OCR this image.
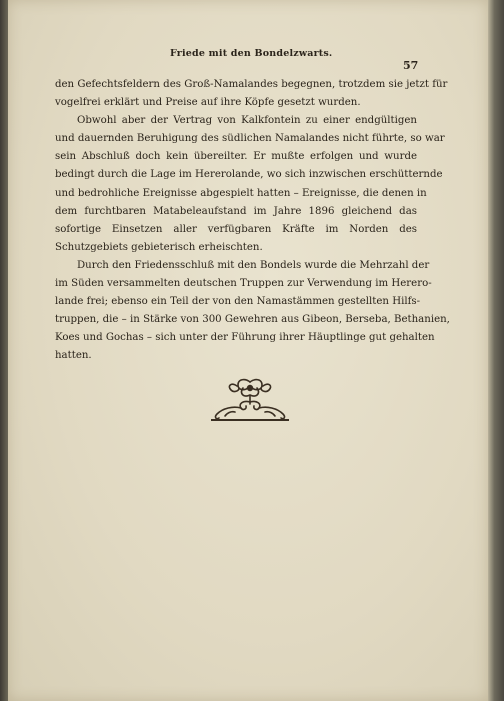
Friede mit den Bondelzwarts.
57
den Gefechtsfeldern des Groß-Namalandes begegnen, trotzdem sie jetzt für
vogelfrei erklärt und Preise auf ihre Köpfe gesetzt wurden.
Obwohl aber der Vertrag von Kalkfontein zu einer endgültigen
und dauernden Beruhigung des südlichen Namalandes nicht führte, so war
sein Abschluß doch kein übereilter. Er mußte erfolgen und wurde
bedingt durch die Lage im Hererolande, wo sich inzwischen erschütternde
und bedrohliche Ereignisse abgespielt hatten – Ereignisse, die denen in
dem furchtbaren Matabeleaufstand im Jahre 1896 gleichend das
sofortige Einsetzen aller verfügbaren Kräfte im Norden des
Schutzgebiets gebieterisch erheischten.
Durch den Friedensschluß mit den Bondels wurde die Mehrzahl der
im Süden versammelten deutschen Truppen zur Verwendung im Herero-
lande frei; ebenso ein Teil der von den Namastämmen gestellten Hilfs-
truppen, die – in Stärke von 300 Gewehren aus Gibeon, Berseba, Bethanien,
Koes und Gochas – sich unter der Führung ihrer Häuptlinge gut gehalten
hatten.
